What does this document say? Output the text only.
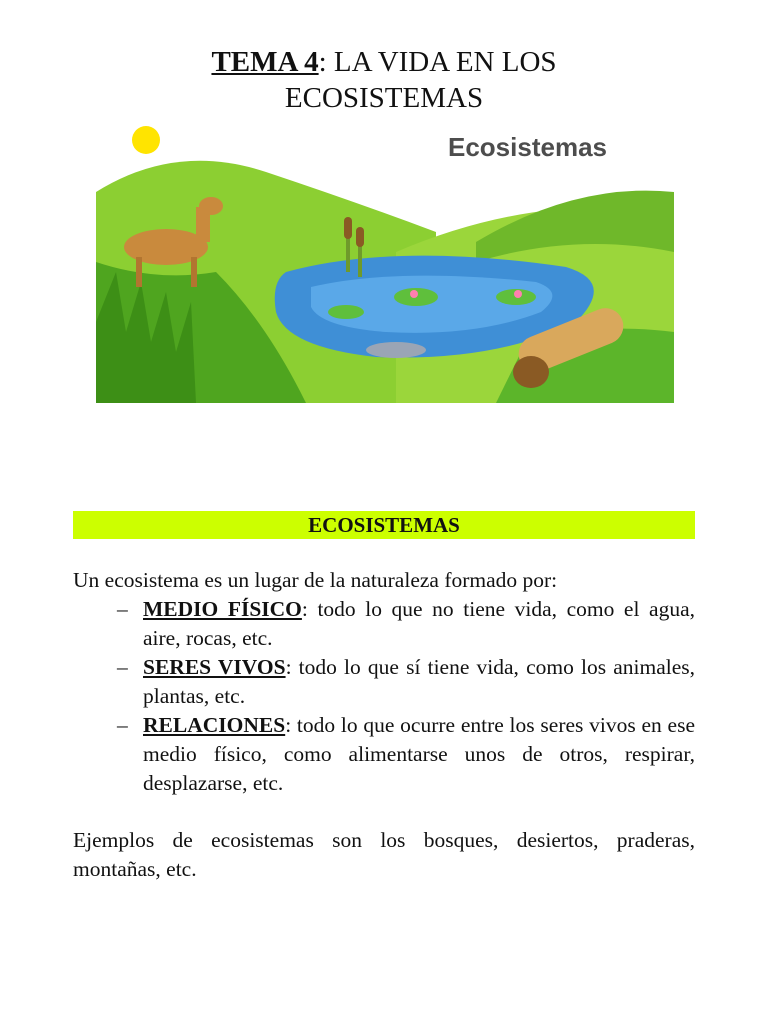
TEMA 4: LA VIDA EN LOS
ECOSISTEMAS
Ecosistemas
ECOSISTEMAS

Un ecosistema es un lugar de la naturaleza formado por:

– MEDIO FÍSICO: todo lo que no tiene vida, como el agua, aire, rocas, etc.
– SERES VIVOS: todo lo que sí tiene vida, como los animales, plantas, etc.
– RELACIONES: todo lo que ocurre entre los seres vivos en ese medio físico, como alimentarse unos de otros, respirar, desplazarse, etc.

Ejemplos de ecosistemas son los bosques, desiertos, praderas, montañas, etc.
